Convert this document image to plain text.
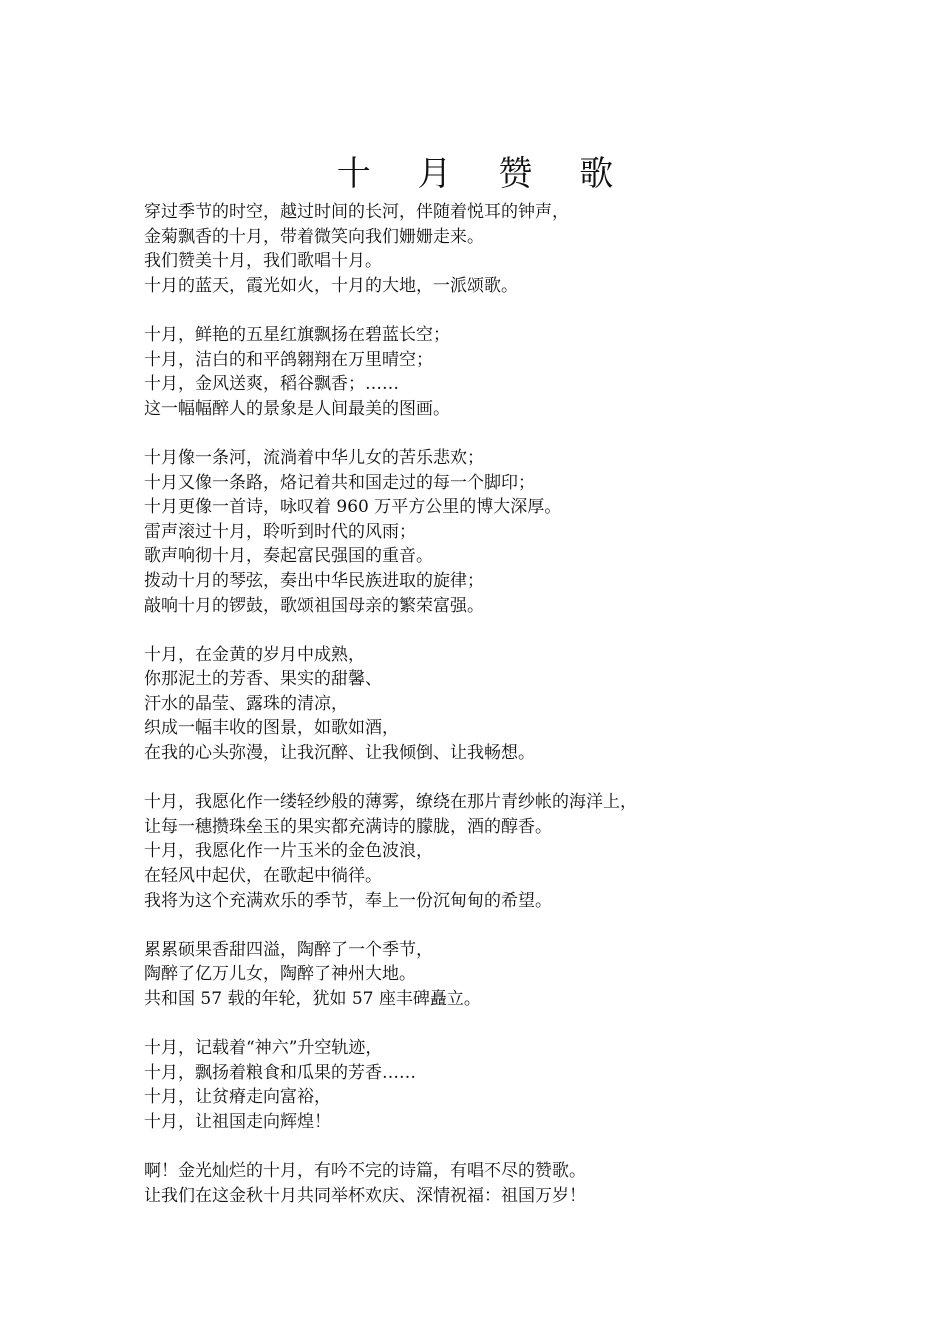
十 月 赞 歌
穿过季节的时空，越过时间的长河，伴随着悦耳的钟声，
金菊飘香的十月，带着微笑向我们姗姗走来。
我们赞美十月，我们歌唱十月。
十月的蓝天，霞光如火，十月的大地，一派颂歌。
十月，鲜艳的五星红旗飘扬在碧蓝长空；
十月，洁白的和平鸽翱翔在万里晴空；
十月，金风送爽，稻谷飘香；……
这一幅幅醉人的景象是人间最美的图画。
十月像一条河，流淌着中华儿女的苦乐悲欢；
十月又像一条路，烙记着共和国走过的每一个脚印；
十月更像一首诗，咏叹着 960 万平方公里的博大深厚。
雷声滚过十月，聆听到时代的风雨；
歌声响彻十月，奏起富民强国的重音。
拨动十月的琴弦，奏出中华民族进取的旋律；
敲响十月的锣鼓，歌颂祖国母亲的繁荣富强。
十月，在金黄的岁月中成熟，
你那泥土的芳香、果实的甜馨、
汗水的晶莹、露珠的清凉，
织成一幅丰收的图景，如歌如酒，
在我的心头弥漫，让我沉醉、让我倾倒、让我畅想。
十月，我愿化作一缕轻纱般的薄雾，缭绕在那片青纱帐的海洋上，
让每一穗攒珠垒玉的果实都充满诗的朦胧，酒的醇香。
十月，我愿化作一片玉米的金色波浪，
在轻风中起伏，在歌起中徜徉。
我将为这个充满欢乐的季节，奉上一份沉甸甸的希望。
累累硕果香甜四溢，陶醉了一个季节，
陶醉了亿万儿女，陶醉了神州大地。
共和国 57 载的年轮，犹如 57 座丰碑矗立。
十月，记载着“神六”升空轨迹，
十月，飘扬着粮食和瓜果的芳香……
十月，让贫瘠走向富裕，
十月，让祖国走向辉煌！
啊！金光灿烂的十月，有吟不完的诗篇，有唱不尽的赞歌。
让我们在这金秋十月共同举杯欢庆、深情祝福：祖国万岁！
